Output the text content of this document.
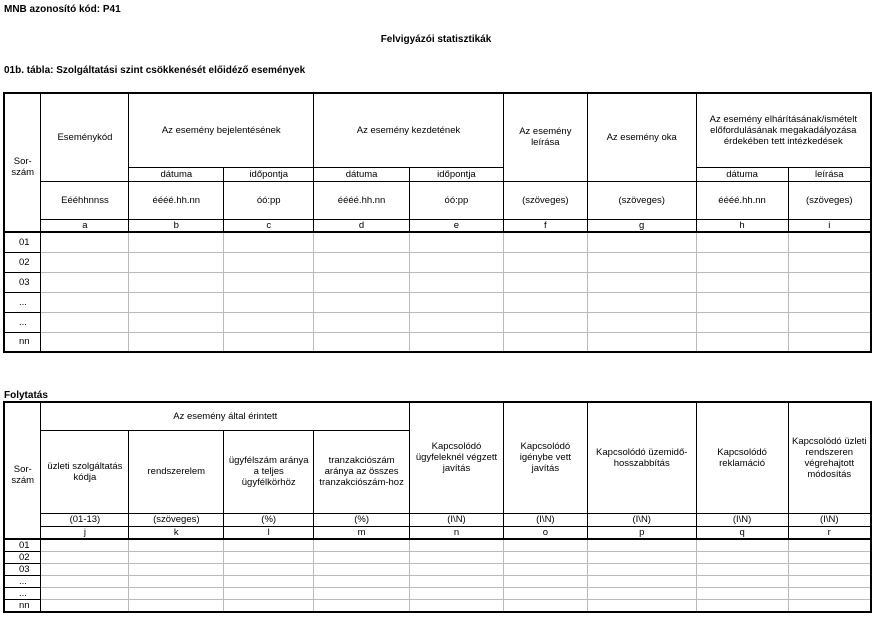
MNB azonosító kód: P41
Felvigyázói statisztikák
01b. tábla: Szolgáltatási szint csökkenését előidéző események
Sor-
szám	Eseménykód	Az esemény bejelentésének		Az esemény kezdetének		Az esemény leírása	Az esemény oka	Az esemény elhárításának/ismételt előfordulásának megakadályozása érdekében tett intézkedések	
		dátuma	időpontja	dátuma	időpontja			dátuma	leírása
	Eééhhnnss	éééé.hh.nn	óó:pp	éééé.hh.nn	óó:pp	(szöveges)	(szöveges)	éééé.hh.nn	(szöveges)
	a	b	c	d	e	f	g	h	i
01									
02									
03									
...									
...									
nn									
Folytatás
Sor-
szám	Az esemény által érintett				Kapcsolódó ügyfeleknél végzett javítás	Kapcsolódó igénybe vett javítás	Kapcsolódó üzemidő-hosszabbítás	Kapcsolódó reklamáció	Kapcsolódó üzleti rendszeren végrehajtott módosítás
	üzleti szolgáltatás kódja	rendszerelem	ügyfélszám aránya a teljes ügyfélkörhöz	tranzakciószám aránya az összes tranzakciószám-hoz					
	(01-13)	(szöveges)	(%)	(%)	(I\N)	(I\N)	(I\N)	(I\N)	(I\N)
	j	k	l	m	n	o	p	q	r
01									
02									
03									
...									
...									
nn									
